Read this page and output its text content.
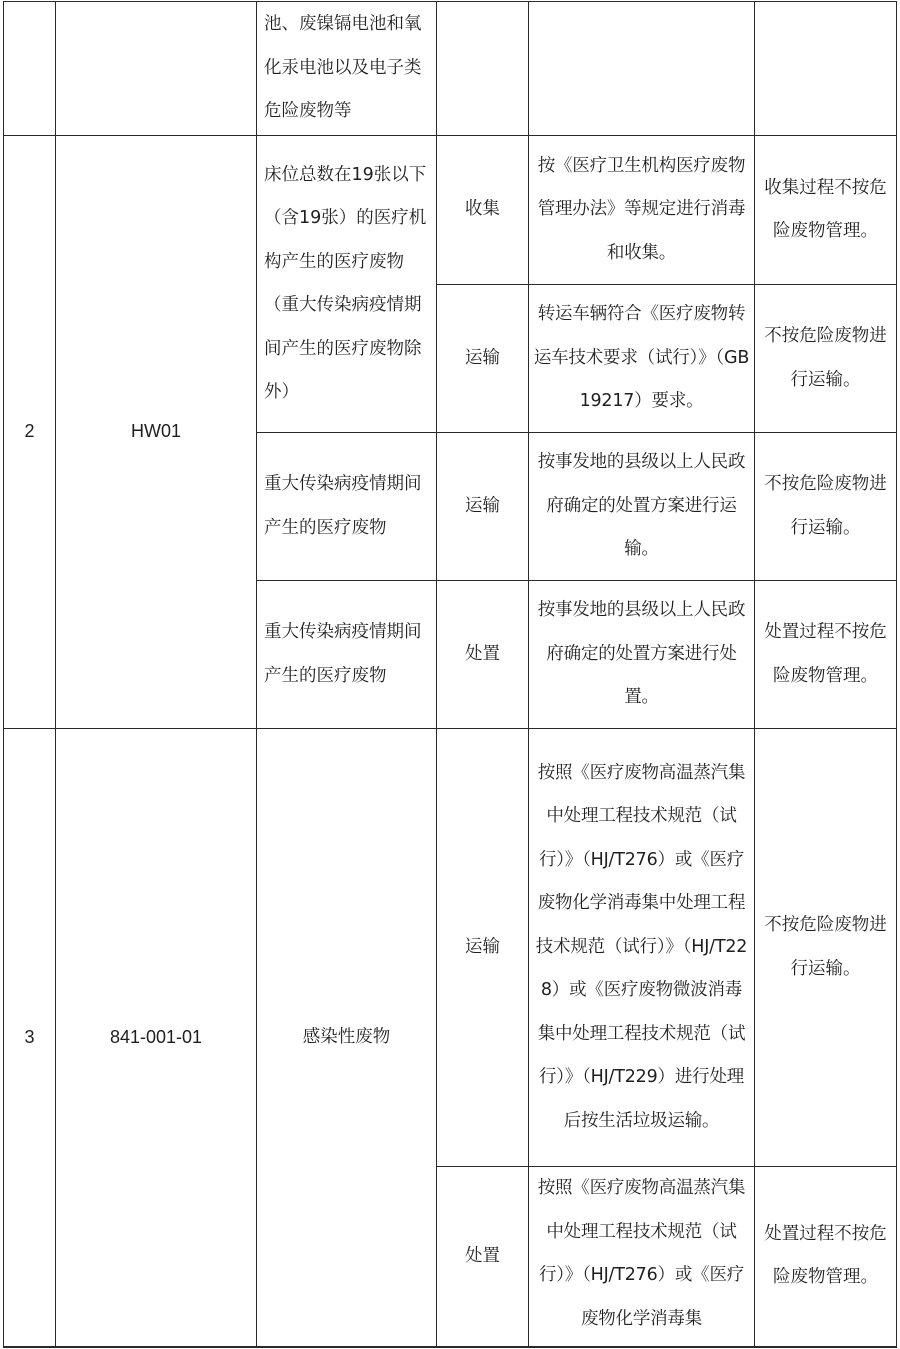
		池、废镍镉电池和氧化汞电池以及电子类危险废物等			
2	HW01	床位总数在19张以下（含19张）的医疗机构产生的医疗废物（重大传染病疫情期间产生的医疗废物除外）	收集	按《医疗卫生机构医疗废物管理办法》等规定进行消毒和收集。	收集过程不按危险废物管理。
			运输	转运车辆符合《医疗废物转运车技术要求（试行）》（GB19217）要求。	不按危险废物进行运输。
		重大传染病疫情期间产生的医疗废物	运输	按事发地的县级以上人民政府确定的处置方案进行运输。	不按危险废物进行运输。
		重大传染病疫情期间产生的医疗废物	处置	按事发地的县级以上人民政府确定的处置方案进行处置。	处置过程不按危险废物管理。
3	841-001-01	感染性废物	运输	按照《医疗废物高温蒸汽集中处理工程技术规范（试行）》（HJ/T276）或《医疗废物化学消毒集中处理工程技术规范（试行）》（HJ/T228）或《医疗废物微波消毒集中处理工程技术规范（试行）》（HJ/T229）进行处理后按生活垃圾运输。	不按危险废物进行运输。
			处置	按照《医疗废物高温蒸汽集中处理工程技术规范（试行）》（HJ/T276）或《医疗废物化学消毒集	处置过程不按危险废物管理。
